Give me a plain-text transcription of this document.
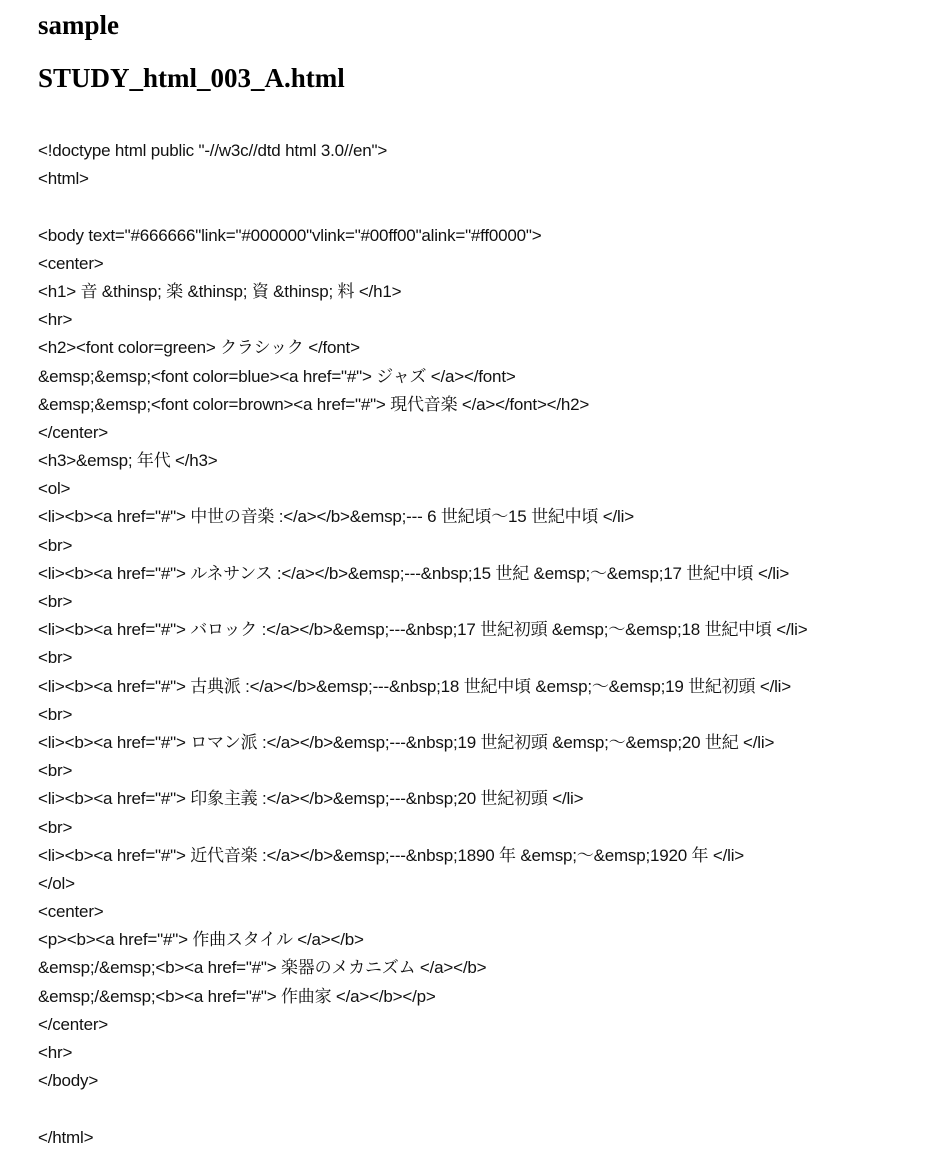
sample
STUDY_html_003_A.html
<!doctype html public "-//w3c//dtd html 3.0//en">
<html>
<body text="#666666"link="#000000"vlink="#00ff00"alink="#ff0000">
<center>
<h1> 音 &thinsp; 楽 &thinsp; 資 &thinsp; 料 </h1>
<hr>
<h2><font color=green> クラシック </font>
&emsp;&emsp;<font color=blue><a href="#"> ジャズ </a></font>
&emsp;&emsp;<font color=brown><a href="#"> 現代音楽 </a></font></h2>
</center>
<h3>&emsp; 年代 </h3>
<ol>
<li><b><a href="#"> 中世の音楽 :</a></b>&emsp;--- 6 世紀頃〜15 世紀中頃 </li>
<br>
<li><b><a href="#"> ルネサンス :</a></b>&emsp;---&nbsp;15 世紀 &emsp;〜&emsp;17 世紀中頃 </li>
<br>
<li><b><a href="#"> バロック :</a></b>&emsp;---&nbsp;17 世紀初頭 &emsp;〜&emsp;18 世紀中頃 </li>
<br>
<li><b><a href="#"> 古典派 :</a></b>&emsp;---&nbsp;18 世紀中頃 &emsp;〜&emsp;19 世紀初頭 </li>
<br>
<li><b><a href="#"> ロマン派 :</a></b>&emsp;---&nbsp;19 世紀初頭 &emsp;〜&emsp;20 世紀 </li>
<br>
<li><b><a href="#"> 印象主義 :</a></b>&emsp;---&nbsp;20 世紀初頭 </li>
<br>
<li><b><a href="#"> 近代音楽 :</a></b>&emsp;---&nbsp;1890 年 &emsp;〜&emsp;1920 年 </li>
</ol>
<center>
<p><b><a href="#"> 作曲スタイル </a></b>
&emsp;/&emsp;<b><a href="#"> 楽器のメカニズム </a></b>
&emsp;/&emsp;<b><a href="#"> 作曲家 </a></b></p>
</center>
<hr>
</body>
</html>
